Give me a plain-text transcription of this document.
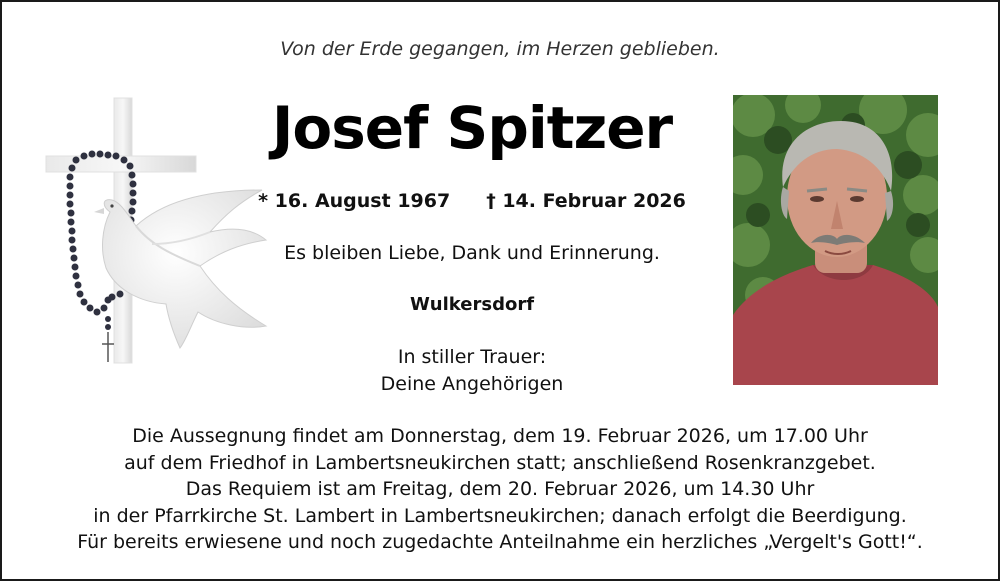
Von der Erde gegangen, im Herzen geblieben.
Josef Spitzer
* 16. August 1967 † 14. Februar 2026
Es bleiben Liebe, Dank und Erinnerung.
Wulkersdorf
In stiller Trauer:
Deine Angehörigen
Die Aussegnung findet am Donnerstag, dem 19. Februar 2026, um 17.00 Uhr
auf dem Friedhof in Lambertsneukirchen statt; anschließend Rosenkranzgebet.
Das Requiem ist am Freitag, dem 20. Februar 2026, um 14.30 Uhr
in der Pfarrkirche St. Lambert in Lambertsneukirchen; danach erfolgt die Beerdigung.
Für bereits erwiesene und noch zugedachte Anteilnahme ein herzliches „Vergelt's Gott!“.
